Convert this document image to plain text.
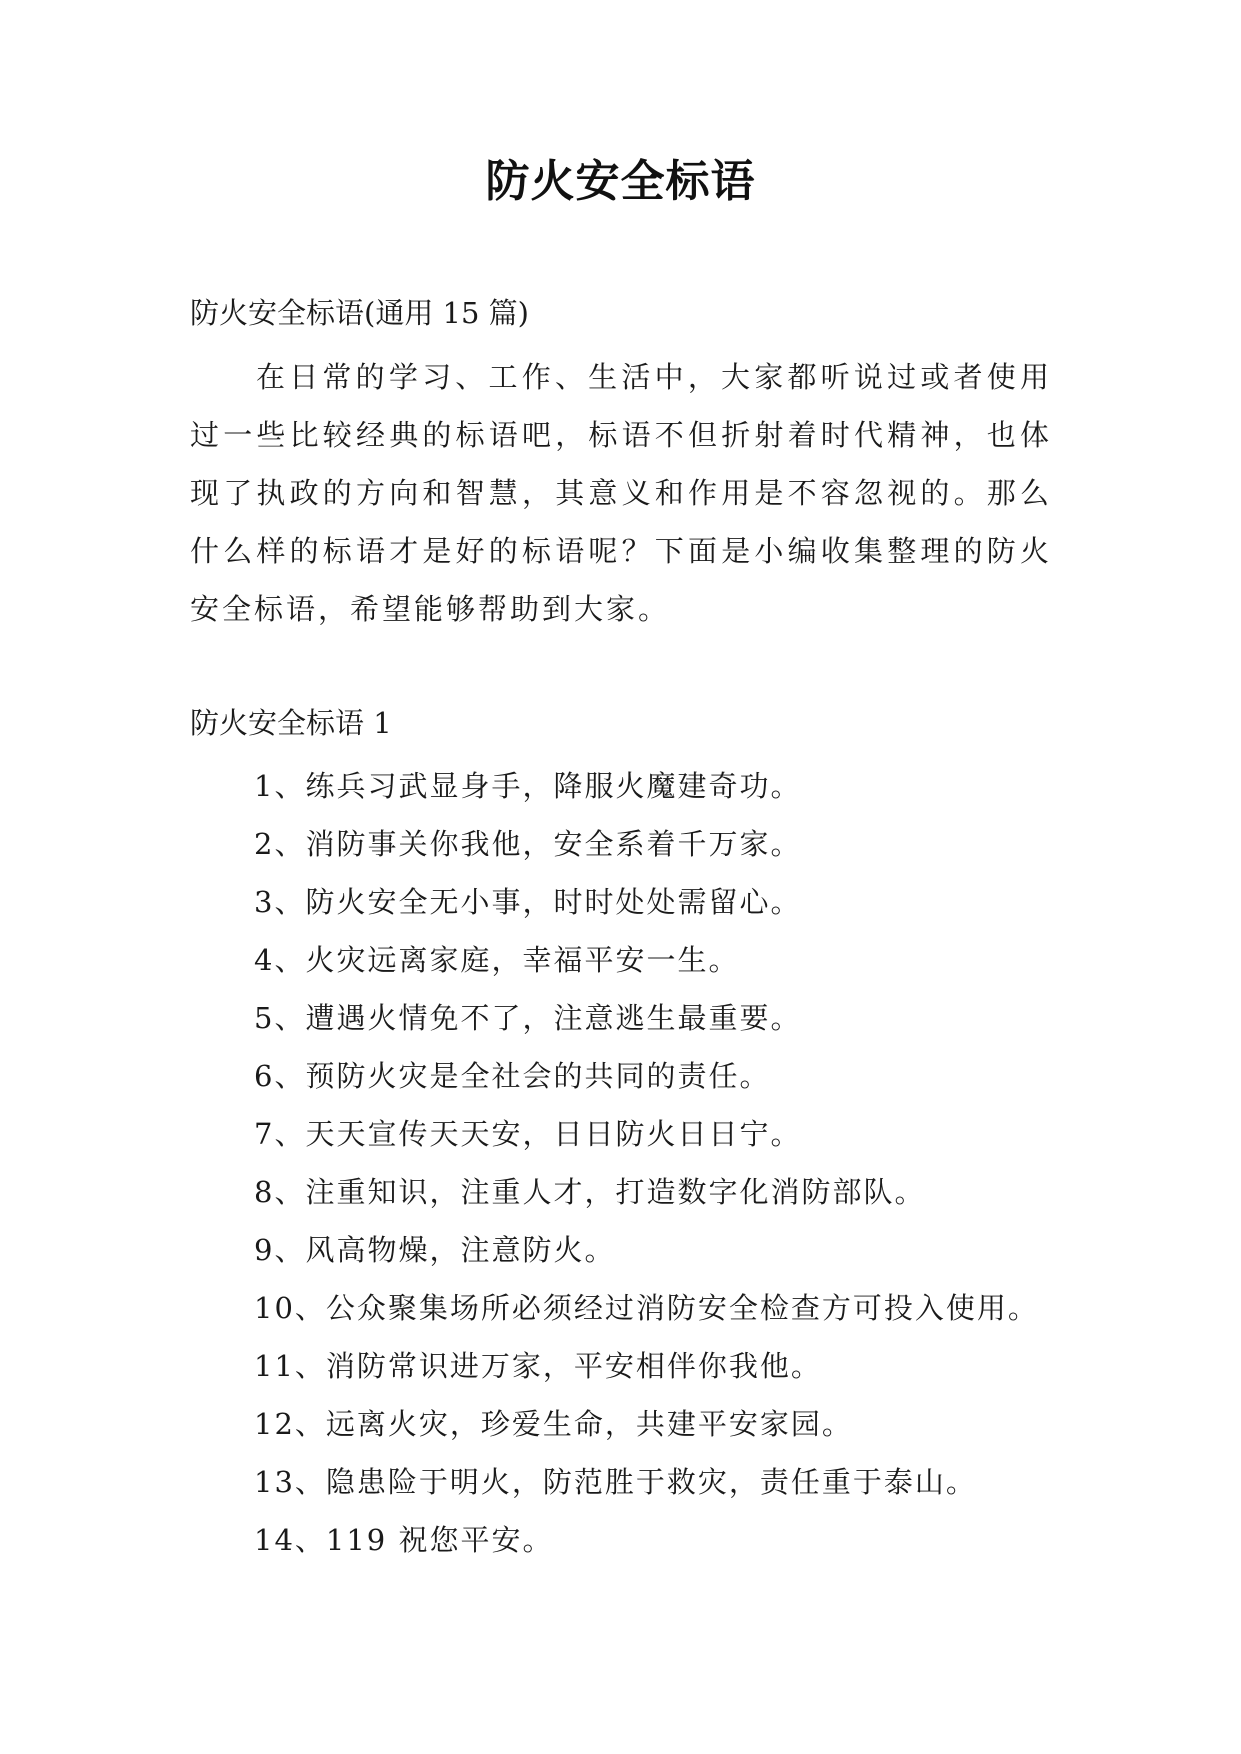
防火安全标语
防火安全标语(通用 15 篇)

在日常的学习、工作、生活中，大家都听说过或者使用过一些比较经典的标语吧，标语不但折射着时代精神，也体现了执政的方向和智慧，其意义和作用是不容忽视的。那么什么样的标语才是好的标语呢？下面是小编收集整理的防火安全标语，希望能够帮助到大家。

防火安全标语 1
1、练兵习武显身手，降服火魔建奇功。
2、消防事关你我他，安全系着千万家。
3、防火安全无小事，时时处处需留心。
4、火灾远离家庭，幸福平安一生。
5、遭遇火情免不了，注意逃生最重要。
6、预防火灾是全社会的共同的责任。
7、天天宣传天天安，日日防火日日宁。
8、注重知识，注重人才，打造数字化消防部队。
9、风高物燥，注意防火。
10、公众聚集场所必须经过消防安全检查方可投入使用。
11、消防常识进万家，平安相伴你我他。
12、远离火灾，珍爱生命，共建平安家园。
13、隐患险于明火，防范胜于救灾，责任重于泰山。
14、119 祝您平安。
